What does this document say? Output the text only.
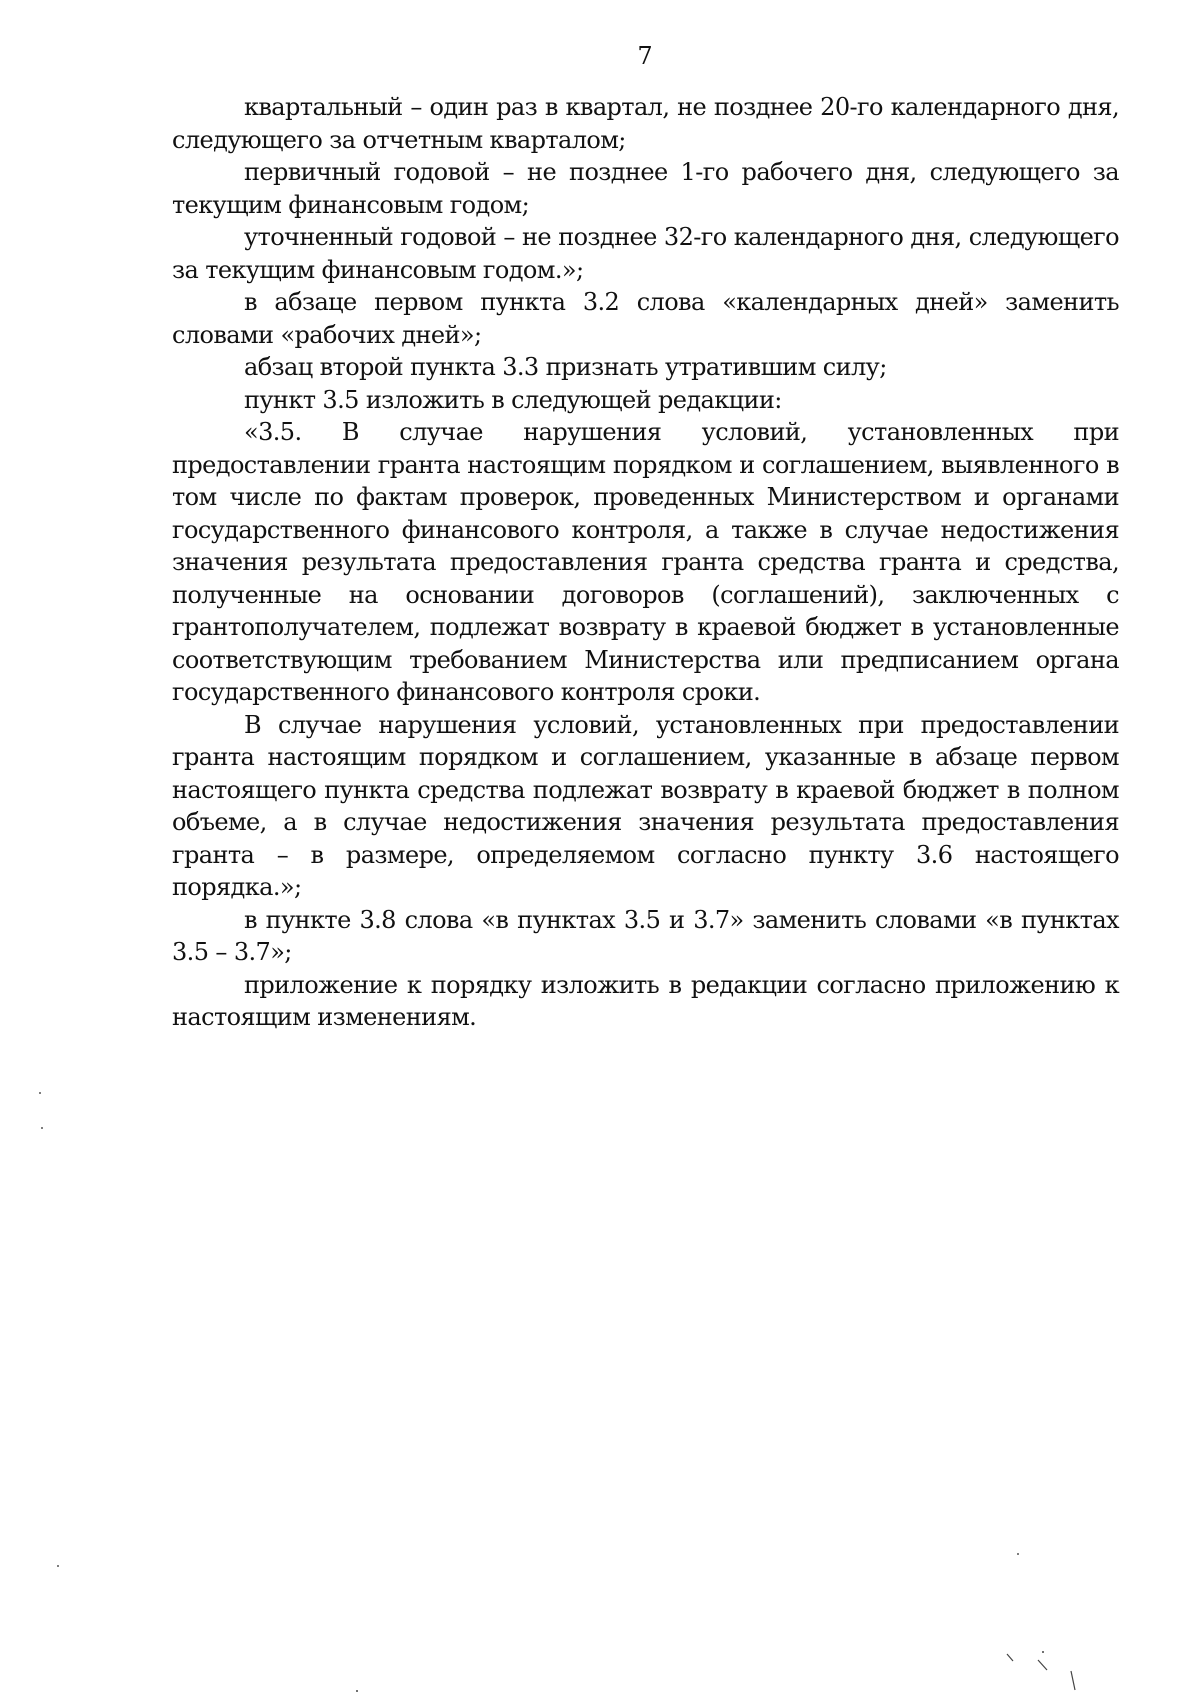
7

квартальный – один раз в квартал, не позднее 20-го календарного дня, следующего за отчетным кварталом;

первичный годовой – не позднее 1-го рабочего дня, следующего за текущим финансовым годом;

уточненный годовой – не позднее 32-го календарного дня, следующего за текущим финансовым годом.»;

в абзаце первом пункта 3.2 слова «календарных дней» заменить словами «рабочих дней»;

абзац второй пункта 3.3 признать утратившим силу;

пункт 3.5 изложить в следующей редакции:

«3.5. В случае нарушения условий, установленных при предоставлении гранта настоящим порядком и соглашением, выявленного в том числе по фактам проверок, проведенных Министерством и органами государственного финансового контроля, а также в случае недостижения значения результата предоставления гранта средства гранта и средства, полученные на основании договоров (соглашений), заключенных с грантополучателем, подлежат возврату в краевой бюджет в установленные соответствующим требованием Министерства или предписанием органа государственного финансового контроля сроки.

В случае нарушения условий, установленных при предоставлении гранта настоящим порядком и соглашением, указанные в абзаце первом настоящего пункта средства подлежат возврату в краевой бюджет в полном объеме, а в случае недостижения значения результата предоставления гранта – в размере, определяемом согласно пункту 3.6 настоящего порядка.»;

в пункте 3.8 слова «в пунктах 3.5 и 3.7» заменить словами «в пунктах 3.5 – 3.7»;

приложение к порядку изложить в редакции согласно приложению к настоящим изменениям.
